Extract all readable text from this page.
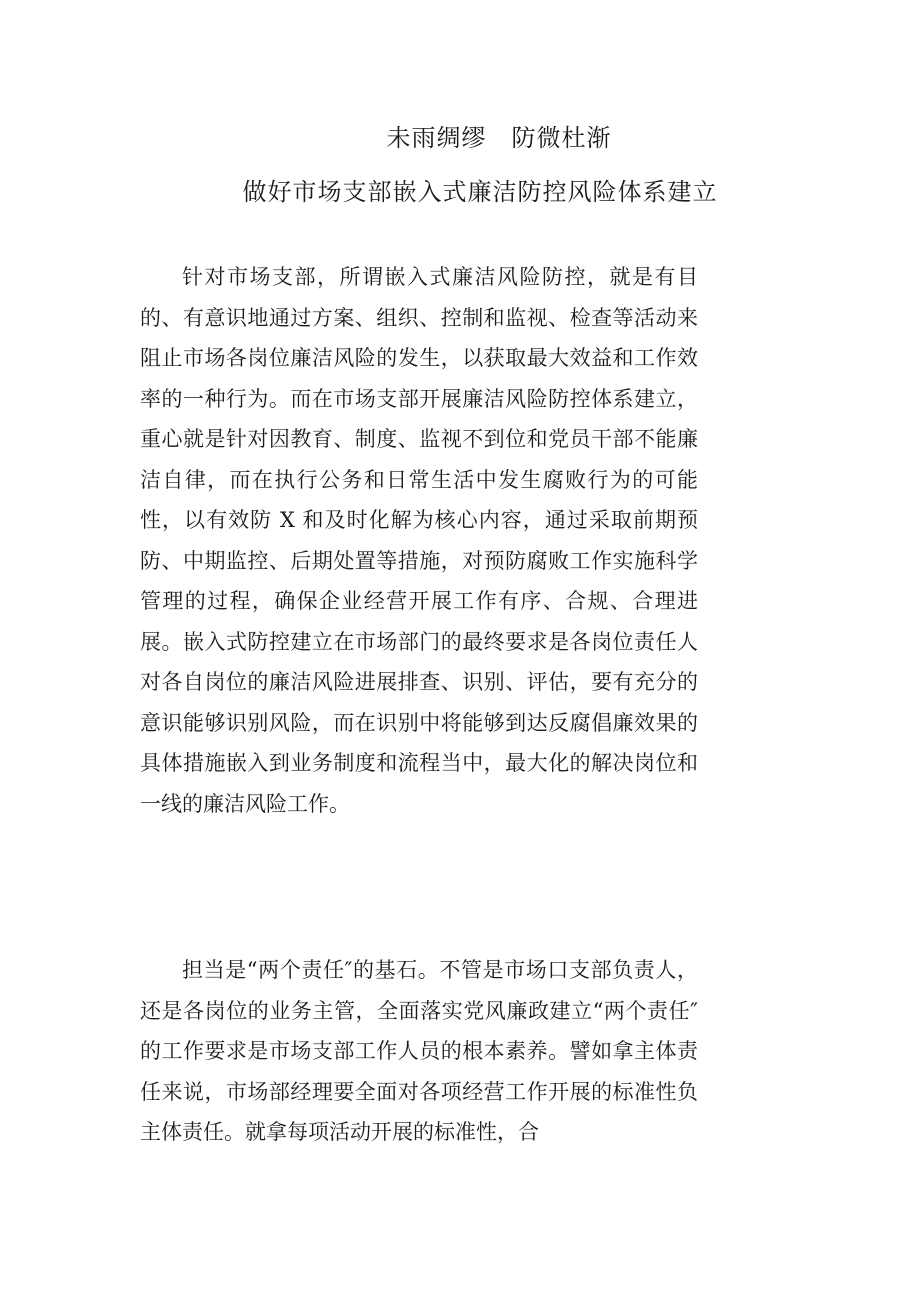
未雨绸缪　防微杜渐
做好市场支部嵌入式廉洁防控风险体系建立

针对市场支部，所谓嵌入式廉洁风险防控，就是有目的、有意识地通过方案、组织、控制和监视、检查等活动来阻止市场各岗位廉洁风险的发生，以获取最大效益和工作效率的一种行为。而在市场支部开展廉洁风险防控体系建立，重心就是针对因教育、制度、监视不到位和党员干部不能廉洁自律，而在执行公务和日常生活中发生腐败行为的可能性，以有效防 X 和及时化解为核心内容，通过采取前期预防、中期监控、后期处置等措施，对预防腐败工作实施科学管理的过程，确保企业经营开展工作有序、合规、合理进展。嵌入式防控建立在市场部门的最终要求是各岗位责任人对各自岗位的廉洁风险进展排查、识别、评估，要有充分的意识能够识别风险，而在识别中将能够到达反腐倡廉效果的具体措施嵌入到业务制度和流程当中，最大化的解决岗位和一线的廉洁风险工作。

担当是“两个责任″的基石。不管是市场口支部负责人，还是各岗位的业务主管，全面落实党风廉政建立“两个责任″的工作要求是市场支部工作人员的根本素养。譬如拿主体责任来说，市场部经理要全面对各项经营工作开展的标准性负主体责任。就拿每项活动开展的标准性，合
